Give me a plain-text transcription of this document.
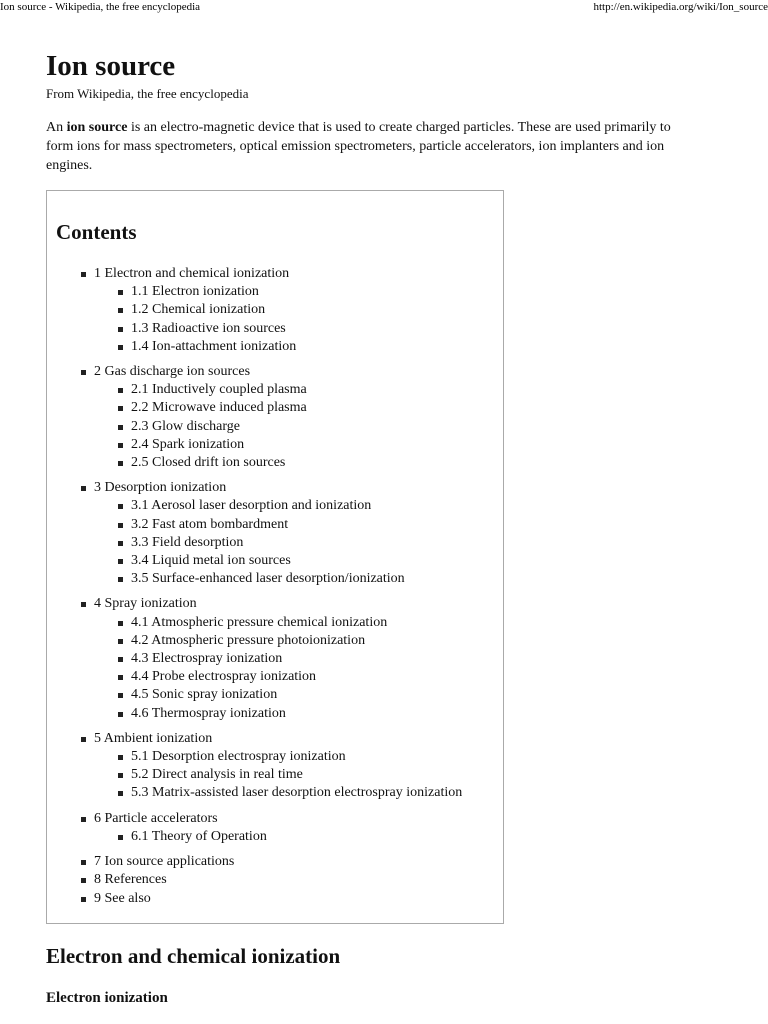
Ion source - Wikipedia, the free encyclopedia	http://en.wikipedia.org/wiki/Ion_source
Ion source
From Wikipedia, the free encyclopedia

An ion source is an electro-magnetic device that is used to create charged particles. These are used primarily to form ions for mass spectrometers, optical emission spectrometers, particle accelerators, ion implanters and ion engines.

Contents
1 Electron and chemical ionization
1.1 Electron ionization
1.2 Chemical ionization
1.3 Radioactive ion sources
1.4 Ion-attachment ionization
2 Gas discharge ion sources
2.1 Inductively coupled plasma
2.2 Microwave induced plasma
2.3 Glow discharge
2.4 Spark ionization
2.5 Closed drift ion sources
3 Desorption ionization
3.1 Aerosol laser desorption and ionization
3.2 Fast atom bombardment
3.3 Field desorption
3.4 Liquid metal ion sources
3.5 Surface-enhanced laser desorption/ionization
4 Spray ionization
4.1 Atmospheric pressure chemical ionization
4.2 Atmospheric pressure photoionization
4.3 Electrospray ionization
4.4 Probe electrospray ionization
4.5 Sonic spray ionization
4.6 Thermospray ionization
5 Ambient ionization
5.1 Desorption electrospray ionization
5.2 Direct analysis in real time
5.3 Matrix-assisted laser desorption electrospray ionization
6 Particle accelerators
6.1 Theory of Operation
7 Ion source applications
8 References
9 See also
Electron and chemical ionization
Electron ionization
